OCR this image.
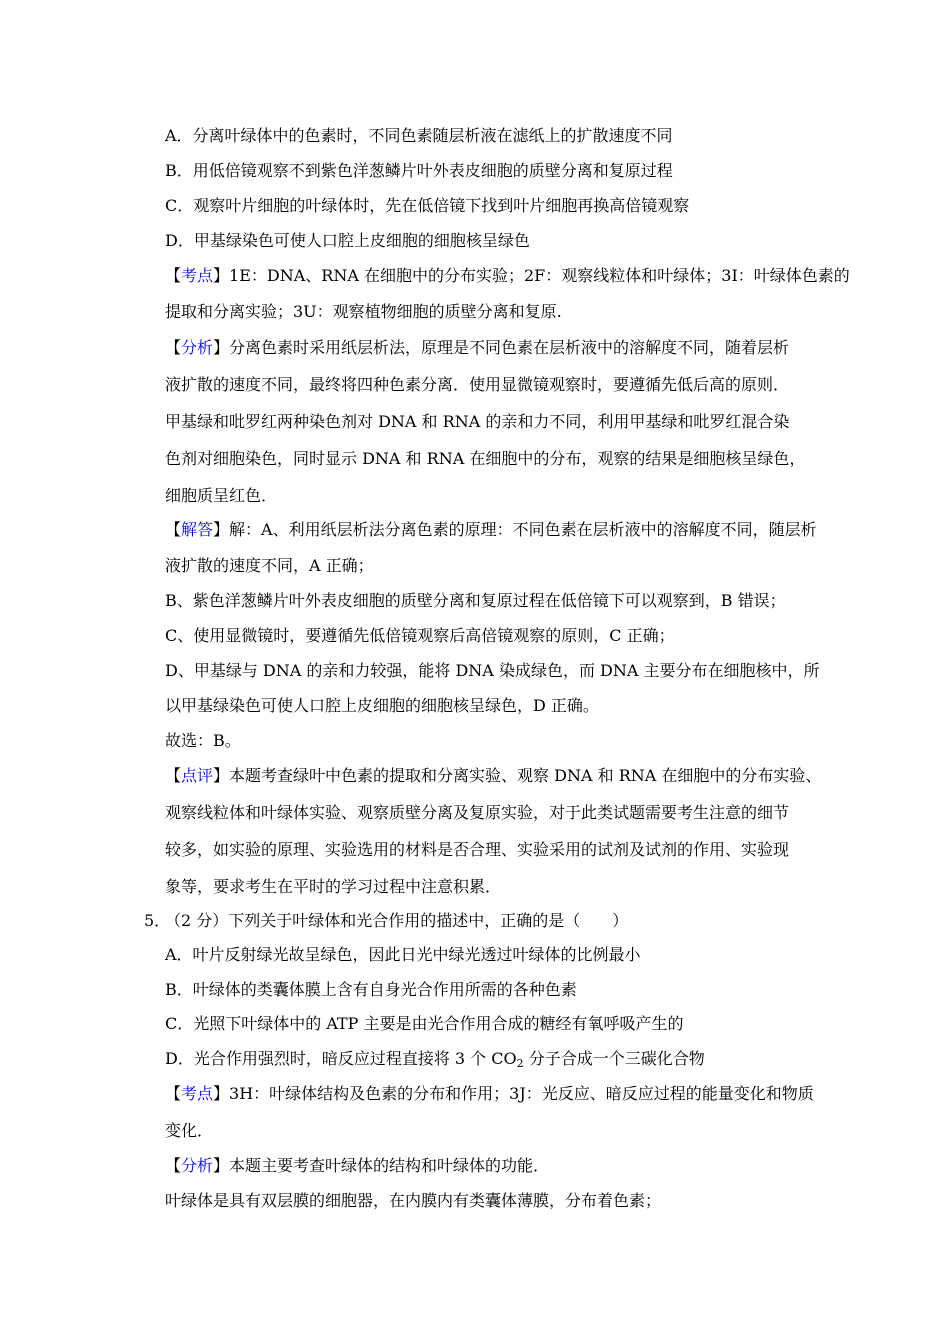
A．分离叶绿体中的色素时，不同色素随层析液在滤纸上的扩散速度不同
B．用低倍镜观察不到紫色洋葱鳞片叶外表皮细胞的质壁分离和复原过程
C．观察叶片细胞的叶绿体时，先在低倍镜下找到叶片细胞再换高倍镜观察
D．甲基绿染色可使人口腔上皮细胞的细胞核呈绿色
【考点】1E：DNA、RNA 在细胞中的分布实验；2F：观察线粒体和叶绿体；3I：叶绿体色素的
提取和分离实验；3U：观察植物细胞的质壁分离和复原.
【分析】分离色素时采用纸层析法，原理是不同色素在层析液中的溶解度不同，随着层析
液扩散的速度不同，最终将四种色素分离．使用显微镜观察时，要遵循先低后高的原则．
甲基绿和吡罗红两种染色剂对 DNA 和 RNA 的亲和力不同，利用甲基绿和吡罗红混合染
色剂对细胞染色，同时显示 DNA 和 RNA 在细胞中的分布，观察的结果是细胞核呈绿色，
细胞质呈红色．
【解答】解：A、利用纸层析法分离色素的原理：不同色素在层析液中的溶解度不同，随层析
液扩散的速度不同，A 正确；
B、紫色洋葱鳞片叶外表皮细胞的质壁分离和复原过程在低倍镜下可以观察到，B 错误；
C、使用显微镜时，要遵循先低倍镜观察后高倍镜观察的原则，C 正确；
D、甲基绿与 DNA 的亲和力较强，能将 DNA 染成绿色，而 DNA 主要分布在细胞核中，所
以甲基绿染色可使人口腔上皮细胞的细胞核呈绿色，D 正确。
故选：B。
【点评】本题考查绿叶中色素的提取和分离实验、观察 DNA 和 RNA 在细胞中的分布实验、
观察线粒体和叶绿体实验、观察质壁分离及复原实验，对于此类试题需要考生注意的细节
较多，如实验的原理、实验选用的材料是否合理、实验采用的试剂及试剂的作用、实验现
象等，要求考生在平时的学习过程中注意积累．
5．
（2 分）下列关于叶绿体和光合作用的描述中，正确的是（　　）
A．叶片反射绿光故呈绿色，因此日光中绿光透过叶绿体的比例最小
B．叶绿体的类囊体膜上含有自身光合作用所需的各种色素
C．光照下叶绿体中的 ATP 主要是由光合作用合成的糖经有氧呼吸产生的
D．光合作用强烈时，暗反应过程直接将 3 个 $CO_2$ 分子合成一个三碳化合物
【考点】3H：叶绿体结构及色素的分布和作用；3J：光反应、暗反应过程的能量变化和物质
变化．
【分析】本题主要考查叶绿体的结构和叶绿体的功能．
叶绿体是具有双层膜的细胞器，在内膜内有类囊体薄膜，分布着色素；
